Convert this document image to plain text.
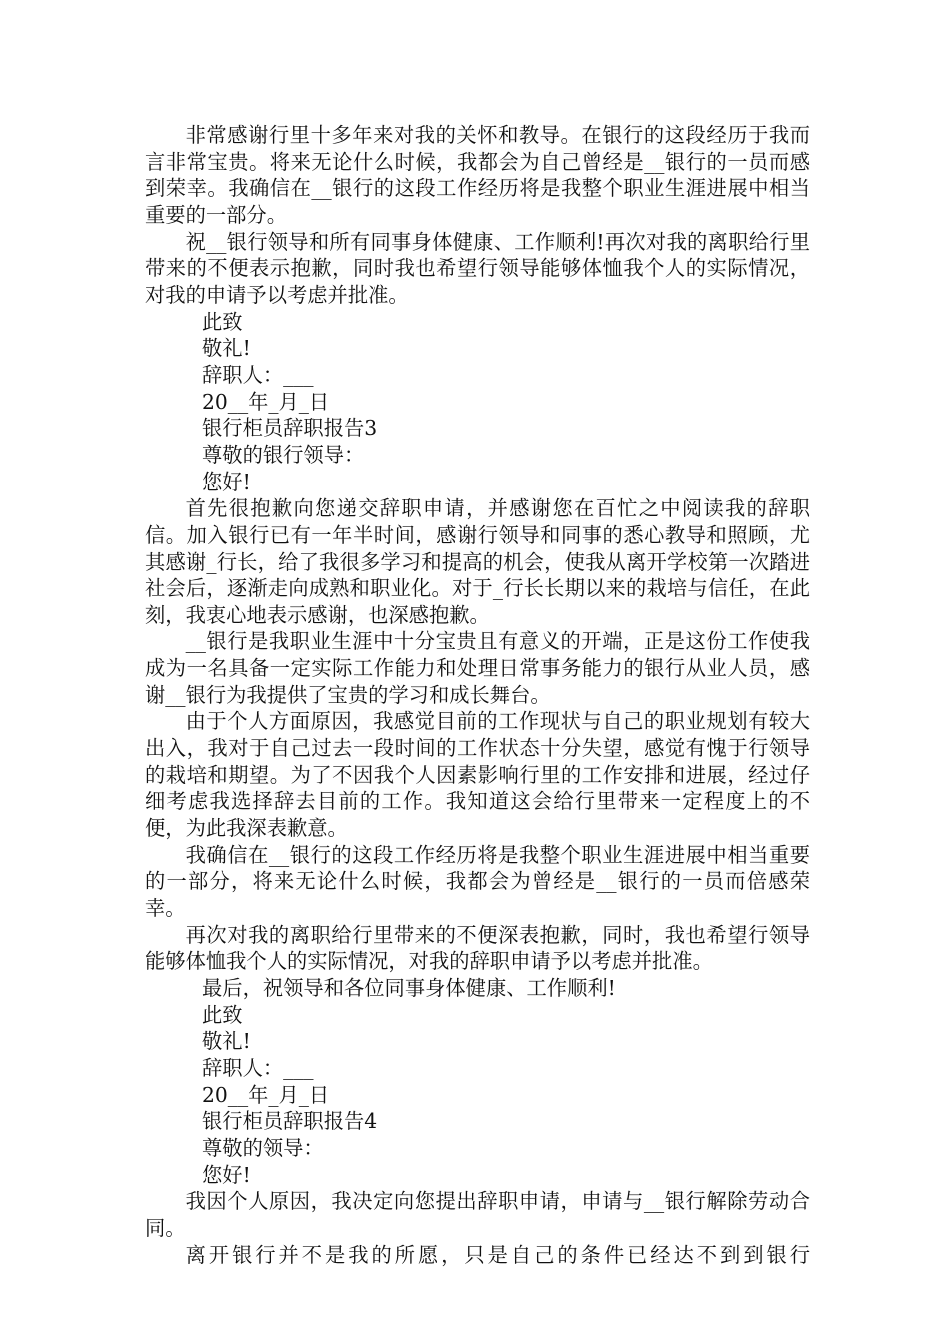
非常感谢行里十多年来对我的关怀和教导。在银行的这段经历于我而言非常宝贵。将来无论什么时候，我都会为自己曾经是__银行的一员而感到荣幸。我确信在__银行的这段工作经历将是我整个职业生涯进展中相当重要的一部分。

祝__银行领导和所有同事身体健康、工作顺利!再次对我的离职给行里带来的不便表示抱歉，同时我也希望行领导能够体恤我个人的实际情况，对我的申请予以考虑并批准。

此致

敬礼!

辞职人：___

20__年_月_日

银行柜员辞职报告3

尊敬的银行领导：

您好!

首先很抱歉向您递交辞职申请，并感谢您在百忙之中阅读我的辞职信。加入银行已有一年半时间，感谢行领导和同事的悉心教导和照顾，尤其感谢_行长，给了我很多学习和提高的机会，使我从离开学校第一次踏进社会后，逐渐走向成熟和职业化。对于_行长长期以来的栽培与信任，在此刻，我衷心地表示感谢，也深感抱歉。

__银行是我职业生涯中十分宝贵且有意义的开端，正是这份工作使我成为一名具备一定实际工作能力和处理日常事务能力的银行从业人员，感谢__银行为我提供了宝贵的学习和成长舞台。

由于个人方面原因，我感觉目前的工作现状与自己的职业规划有较大出入，我对于自己过去一段时间的工作状态十分失望，感觉有愧于行领导的栽培和期望。为了不因我个人因素影响行里的工作安排和进展，经过仔细考虑我选择辞去目前的工作。我知道这会给行里带来一定程度上的不便，为此我深表歉意。

我确信在__银行的这段工作经历将是我整个职业生涯进展中相当重要的一部分，将来无论什么时候，我都会为曾经是__银行的一员而倍感荣幸。

再次对我的离职给行里带来的不便深表抱歉，同时，我也希望行领导能够体恤我个人的实际情况，对我的辞职申请予以考虑并批准。

最后，祝领导和各位同事身体健康、工作顺利!

此致

敬礼!

辞职人：___

20__年_月_日

银行柜员辞职报告4

尊敬的领导：

您好!

我因个人原因，我决定向您提出辞职申请，申请与__银行解除劳动合同。

离开银行并不是我的所愿，只是自己的条件已经达不到到银行
